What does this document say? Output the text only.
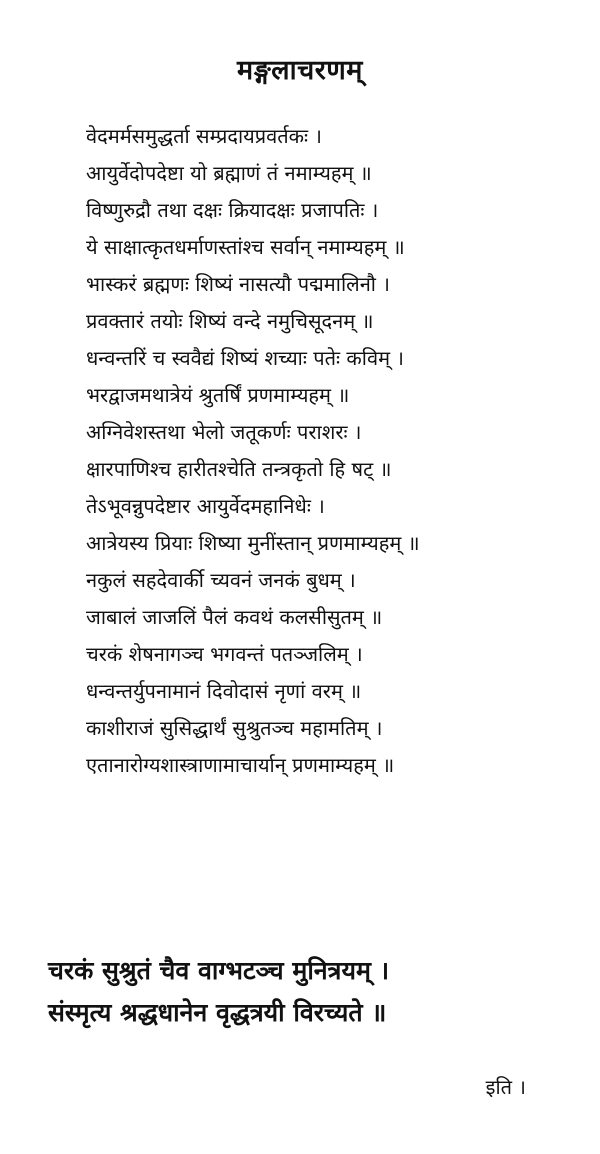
मङ्गलाचरणम्
वेदमर्मसमुद्धर्ता सम्प्रदायप्रवर्तकः ।
आयुर्वेदोपदेष्टा यो ब्रह्माणं तं नमाम्यहम् ॥
विष्णुरुद्रौ तथा दक्षः क्रियादक्षः प्रजापतिः ।
ये साक्षात्कृतधर्माणस्तांश्च सर्वान् नमाम्यहम् ॥
भास्करं ब्रह्मणः शिष्यं नासत्यौ पद्ममालिनौ ।
प्रवक्तारं तयोः शिष्यं वन्दे नमुचिसूदनम् ॥
धन्वन्तरिं च स्ववैद्यं शिष्यं शच्याः पतेः कविम् ।
भरद्वाजमथात्रेयं श्रुतर्षिं प्रणमाम्यहम् ॥
अग्निवेशस्तथा भेलो जतूकर्णः पराशरः ।
क्षारपाणिश्च हारीतश्चेति तन्त्रकृतो हि षट् ॥
तेऽभूवन्नुपदेष्टार आयुर्वेदमहानिधेः ।
आत्रेयस्य प्रियाः शिष्या मुनींस्तान् प्रणमाम्यहम् ॥
नकुलं सहदेवार्की च्यवनं जनकं बुधम् ।
जाबालं जाजलिं पैलं कवथं कलसीसुतम् ॥
चरकं शेषनागञ्च भगवन्तं पतञ्जलिम् ।
धन्वन्तर्युपनामानं दिवोदासं नृणां वरम् ॥
काशीराजं सुसिद्धार्थं सुश्रुतञ्च महामतिम् ।
एतानारोग्यशास्त्राणामाचार्यान् प्रणमाम्यहम् ॥
चरकं सुश्रुतं चैव वाग्भटञ्च मुनित्रयम् ।
संस्मृत्य श्रद्धधानेन वृद्धत्रयी विरच्यते ॥
इति ।
